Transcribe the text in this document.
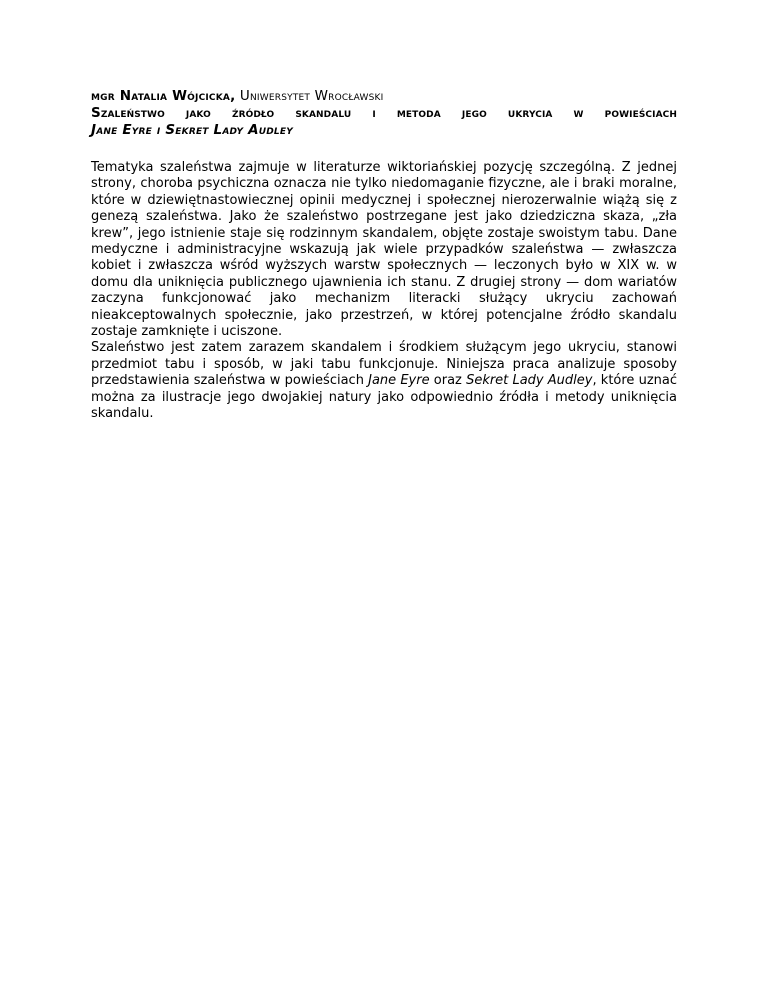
mgr Natalia Wójcicka, Uniwersytet Wrocławski
Szaleństwo jako źródło skandalu i metoda jego ukrycia w powieściach
Jane Eyre i Sekret Lady Audley

Tematyka szaleństwa zajmuje w literaturze wiktoriańskiej pozycję szczególną. Z jednej strony, choroba psychiczna oznacza nie tylko niedomaganie fizyczne, ale i braki moralne, które w dziewiętnastowiecznej opinii medycznej i społecznej nierozerwalnie wiążą się z genezą szaleństwa. Jako że szaleństwo postrzegane jest jako dziedziczna skaza, „zła krew”, jego istnienie staje się rodzinnym skandalem, objęte zostaje swoistym tabu. Dane medyczne i administracyjne wskazują jak wiele przypadków szaleństwa — zwłaszcza kobiet i zwłaszcza wśród wyższych warstw społecznych — leczonych było w XIX w. w domu dla uniknięcia publicznego ujawnienia ich stanu. Z drugiej strony — dom wariatów zaczyna funkcjonować jako mechanizm literacki służący ukryciu zachowań nieakceptowalnych społecznie, jako przestrzeń, w której potencjalne źródło skandalu zostaje zamknięte i uciszone.

Szaleństwo jest zatem zarazem skandalem i środkiem służącym jego ukryciu, stanowi przedmiot tabu i sposób, w jaki tabu funkcjonuje. Niniejsza praca analizuje sposoby przedstawienia szaleństwa w powieściach Jane Eyre oraz Sekret Lady Audley, które uznać można za ilustracje jego dwojakiej natury jako odpowiednio źródła i metody uniknięcia skandalu.
